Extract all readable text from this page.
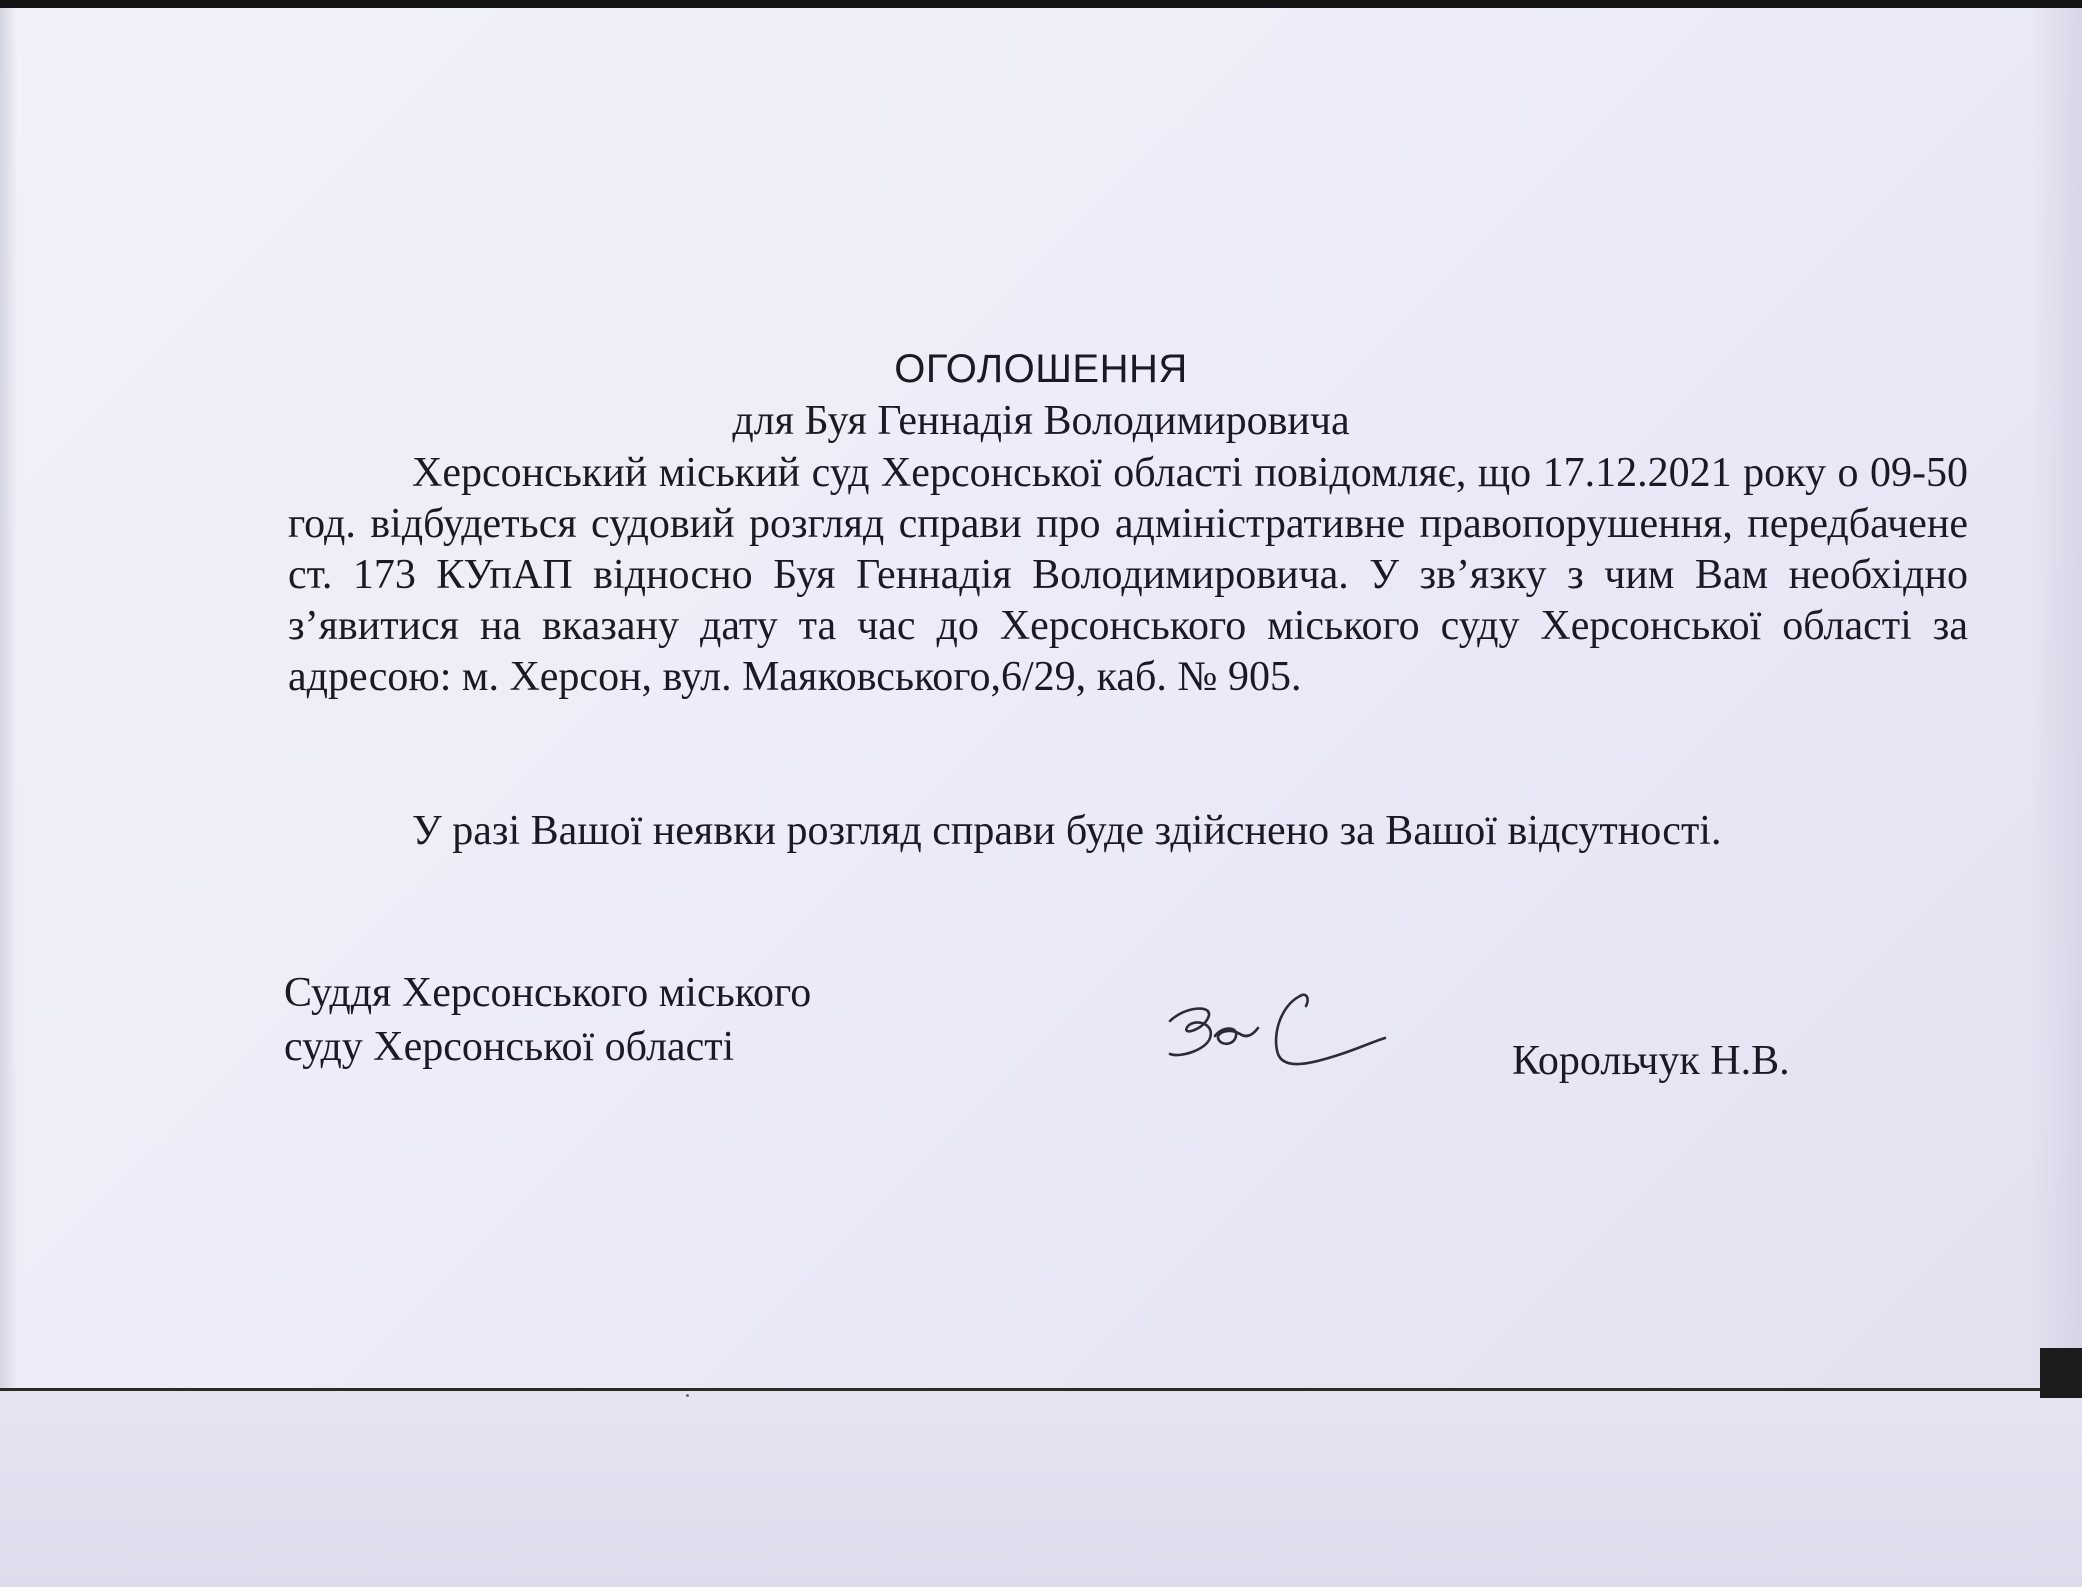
ОГОЛОШЕННЯ
для Буя Геннадія Володимировича
Херсонський міський суд Херсонської області повідомляє, що 17.12.2021 року о 09-50 год. відбудеться судовий розгляд справи про адміністративне правопорушення, передбачене ст. 173 КУпАП відносно Буя Геннадія Володимировича. У зв’язку з чим Вам необхідно з’явитися на вказану дату та час до Херсонського міського суду Херсонської області за адресою: м. Херсон, вул. Маяковського,6/29, каб. № 905.
У разі Вашої неявки розгляд справи буде здійснено за Вашої відсутності.
Суддя Херсонського міського
суду Херсонської області	Корольчук Н.В.
